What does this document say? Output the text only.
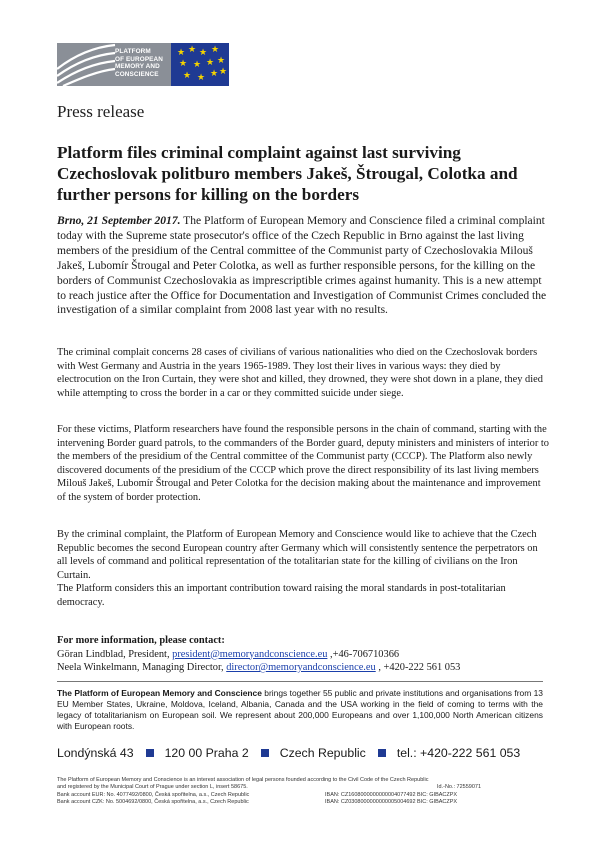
PLATFORM
OF EUROPEAN
MEMORY AND
CONSCIENCE
★ ★ ★ ★
★ ★ ★ ★
★ ★ ★ ★
Press release
Platform files criminal complaint against last surviving Czechoslovak politburo members Jakeš, Štrougal, Colotka and further persons for killing on the borders
Brno, 21 September 2017. The Platform of European Memory and Conscience filed a criminal complaint today with the Supreme state prosecutor's office of the Czech Republic in Brno against the last living members of the presidium of the Central committee of the Communist party of Czechoslovakia Milouš Jakeš, Lubomír Štrougal and Peter Colotka, as well as further responsible persons, for the killing on the borders of Communist Czechoslovakia as imprescriptible crimes against humanity. This is a new attempt to reach justice after the Office for Documentation and Investigation of Communist Crimes concluded the investigation of a similar complaint from 2008 last year with no results.
The criminal complait concerns 28 cases of civilians of various nationalities who died on the Czechoslovak borders with West Germany and Austria in the years 1965-1989. They lost their lives in various ways: they died by electrocution on the Iron Curtain, they were shot and killed, they drowned, they were shot down in a plane, they died while attempting to cross the border in a car or they committed suicide under siege.
For these victims, Platform researchers have found the responsible persons in the chain of command, starting with the intervening Border guard patrols, to the commanders of the Border guard, deputy ministers and ministers of interior to the members of the presidium of the Central committee of the Communist party (CCCP). The Platform also newly discovered documents of the presidium of the CCCP which prove the direct responsibility of its last living members Milouš Jakeš, Lubomír Štrougal and Peter Colotka for the decision making about the maintenance and improvement of the system of border protection.
By the criminal complaint, the Platform of European Memory and Conscience would like to achieve that the Czech Republic becomes the second European country after Germany which will consistently sentence the perpetrators on all levels of command and political representation of the totalitarian state for the killing of civilians on the Iron Curtain.
The Platform considers this an important contribution toward raising the moral standards in post-totalitarian democracy.
For more information, please contact:
Göran Lindblad, President, president@memoryandconscience.eu ,+46-706710366
Neela Winkelmann, Managing Director, director@memoryandconscience.eu , +420-222 561 053
The Platform of European Memory and Conscience brings together 55 public and private institutions and organisations from 13 EU Member States, Ukraine, Moldova, Iceland, Albania, Canada and the USA working in the field of coming to terms with the legacy of totalitarianism on European soil. We represent about 200,000 Europeans and over 1,100,000 North American citizens with European roots.
Londýnská 43	120 00 Praha 2	Czech Republic	tel.: +420-222 561 053
The Platform of European Memory and Conscience is an interest association of legal persons founded according to the Civil Code of the Czech Republic
and registered by the Municipal Court of Prague under section L, insert 58675.	Id.-No.: 72559071
Bank account EUR: No. 4077492/0800, Česká spořitelna, a.s., Czech Republic	IBAN: CZ1608000000000004077492 BIC: GIBACZPX
Bank account CZK: No. 5004692/0800, Česká spořitelna, a.s., Czech Republic	IBAN: CZ0308000000000005004692 BIC: GIBACZPX
